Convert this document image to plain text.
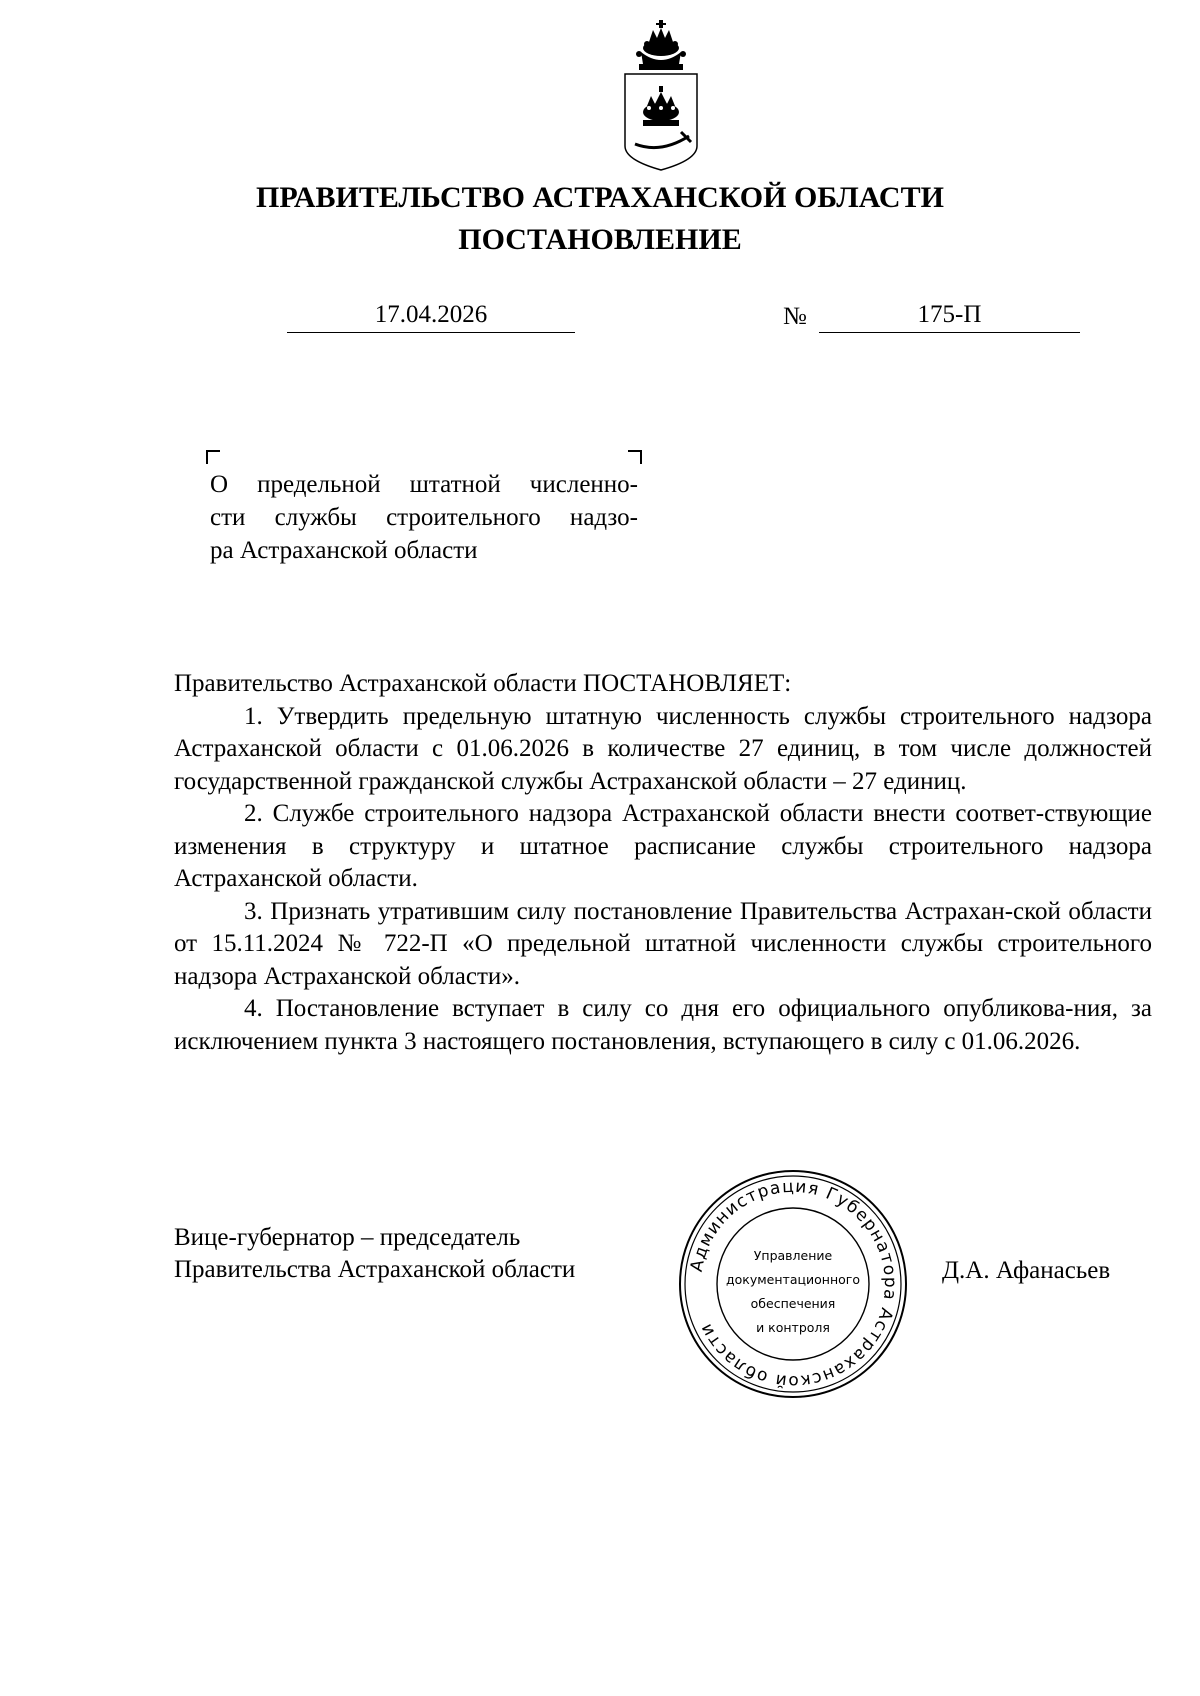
ПРАВИТЕЛЬСТВО АСТРАХАНСКОЙ ОБЛАСТИ
ПОСТАНОВЛЕНИЕ
17.04.2026	№	175-П
О предельной штатной численно-
сти службы строительного надзо-
ра Астраханской области

Правительство Астраханской области ПОСТАНОВЛЯЕТ:

1. Утвердить предельную штатную численность службы строительного надзора Астраханской области с 01.06.2026 в количестве 27 единиц, в том числе должностей государственной гражданской службы Астраханской области – 27 единиц.

2. Службе строительного надзора Астраханской области внести соответ-ствующие изменения в структуру и штатное расписание службы строительного надзора Астраханской области.

3. Признать утратившим силу постановление Правительства Астрахан-ской области от 15.11.2024 № 722-П «О предельной штатной численности службы строительного надзора Астраханской области».

4. Постановление вступает в силу со дня его официального опубликова-ния, за исключением пункта 3 настоящего постановления, вступающего в силу с 01.06.2026.

Вице-губернатор – председатель
Правительства Астраханской области	Д.А. Афанасьев
Администрация Губернатора Астраханской области
Управление
документационного
обеспечения
и контроля
